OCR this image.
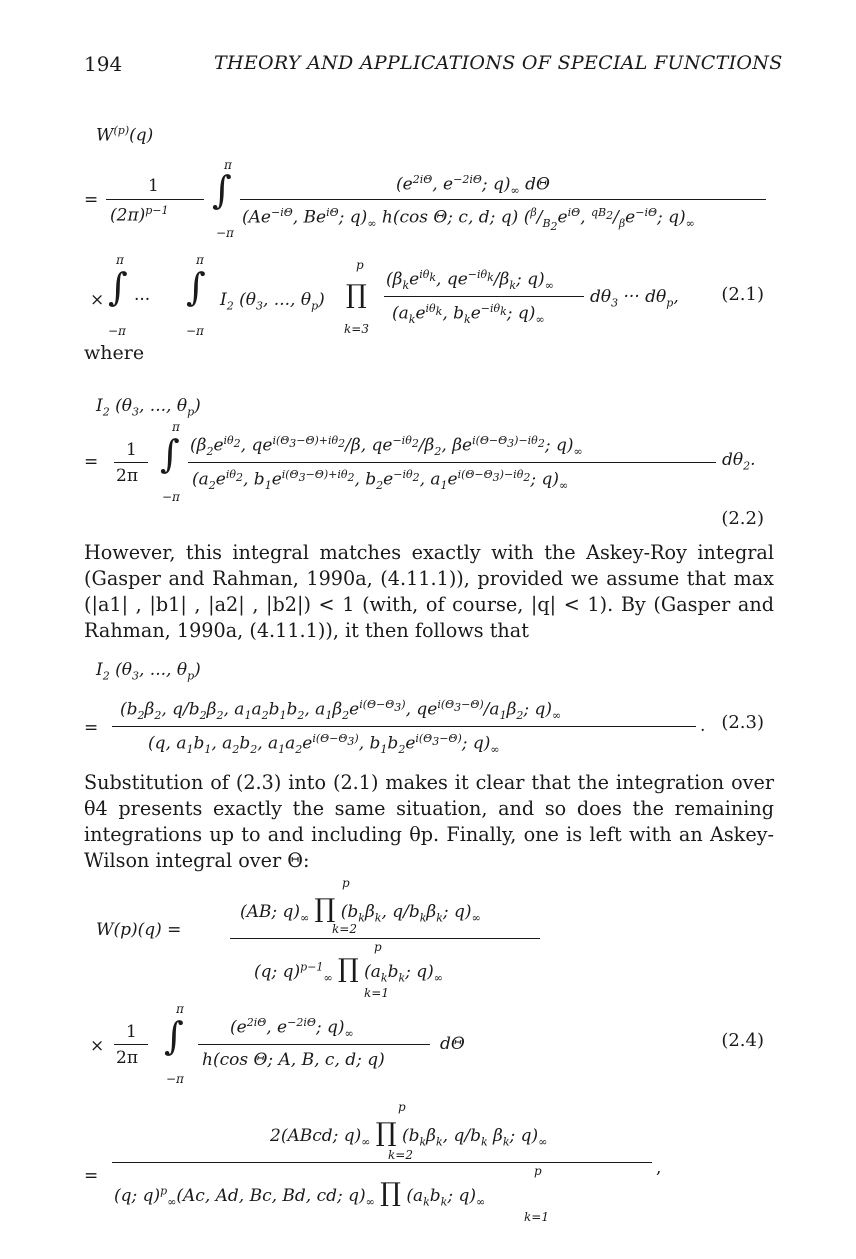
194	THEORY AND APPLICATIONS OF SPECIAL FUNCTIONS
$W^{(p)}(q)$
=
1
$(2\pi)^{p-1}$
π
∫
−π
($e^{2i\Theta}$, $e^{-2i\Theta}$; $q)_\infty$ dΘ
($Ae^{-i\Theta}$, $Be^{i\Theta}$; $q)_\infty$ h(cos Θ; c, d; q) ($^\beta/_{B_2}e^{i\Theta}$, $^{qB_2}/_\beta e^{-i\Theta}$; $q)_\infty$
×
π
∫
−π
···
π
∫
−π
$I_2$ ($\theta_3$, ..., $\theta_p$)
p
∏
k=3
($\beta_ke^{i\theta_k}$, $qe^{-i\theta_k}/\beta_k$; $q)_\infty$
($a_ke^{i\theta_k}$, $b_ke^{-i\theta_k}$; $q)_\infty$
$d\theta_3$ ··· $d\theta_p$, (2.1)
where
$I_2$ ($\theta_3$, ..., $\theta_p$)
=
1
2π
π
∫
−π
($\beta_2e^{i\theta_2}$, $qe^{i(\Theta_3-\Theta)+i\theta_2}/\beta$, $qe^{-i\theta_2}/\beta_2$, $\beta e^{i(\Theta-\Theta_3)-i\theta_2}$; $q)_\infty$
($a_2e^{i\theta_2}$, $b_1e^{i(\Theta_3-\Theta)+i\theta_2}$, $b_2e^{-i\theta_2}$, $a_1e^{i(\Theta-\Theta_3)-i\theta_2}$; $q)_\infty$
$d\theta_2$.
(2.2)

However, this integral matches exactly with the Askey-Roy integral (Gasper and Rahman, 1990a, (4.11.1)), provided we assume that max (|a1| , |b1| , |a2| , |b2|) < 1 (with, of course, |q| < 1). By (Gasper and Rahman, 1990a, (4.11.1)), it then follows that

$I_2$ ($\theta_3$, ..., $\theta_p$)
=
($b_2\beta_2$, $q/b_2\beta_2$, $a_1a_2b_1b_2$, $a_1\beta_2e^{i(\Theta-\Theta_3)}$, $qe^{i(\Theta_3-\Theta)}/a_1\beta_2$; $q)_\infty$
(q, $a_1b_1$, $a_2b_2$, $a_1a_2e^{i(\Theta-\Theta_3)}$, $b_1b_2e^{i(\Theta_3-\Theta)}$; $q)_\infty$
. (2.3)

Substitution of (2.3) into (2.1) makes it clear that the integration over θ4 presents exactly the same situation, and so does the remaining integrations up to and including θp. Finally, one is left with an Askey-Wilson integral over Θ:

W(p)(q) =
p
(AB; $q)_\infty$ ∏ ($b_k\beta_k$, $q/b_k\beta_k$; $q)_\infty$
k=2
p
(q; q)$^{p-1}_\infty$ ∏ ($a_kb_k$; $q)_\infty$
k=1
×
1
2π
π
∫
−π
($e^{2i\Theta}$, $e^{-2i\Theta}$; $q)_\infty$
h(cos Θ; A, B, c, d; q)
dΘ	(2.4)
p
2(ABcd; $q)_\infty$ ∏ ($b_k\beta_k$, $q/b_k$ $\beta_k$; $q)_\infty$
k=2
=	,
p
(q; q)$^p_\infty$(Ac, Ad, Bc, Bd, cd; $q)_\infty$ ∏ ($a_kb_k$; $q)_\infty$
k=1
